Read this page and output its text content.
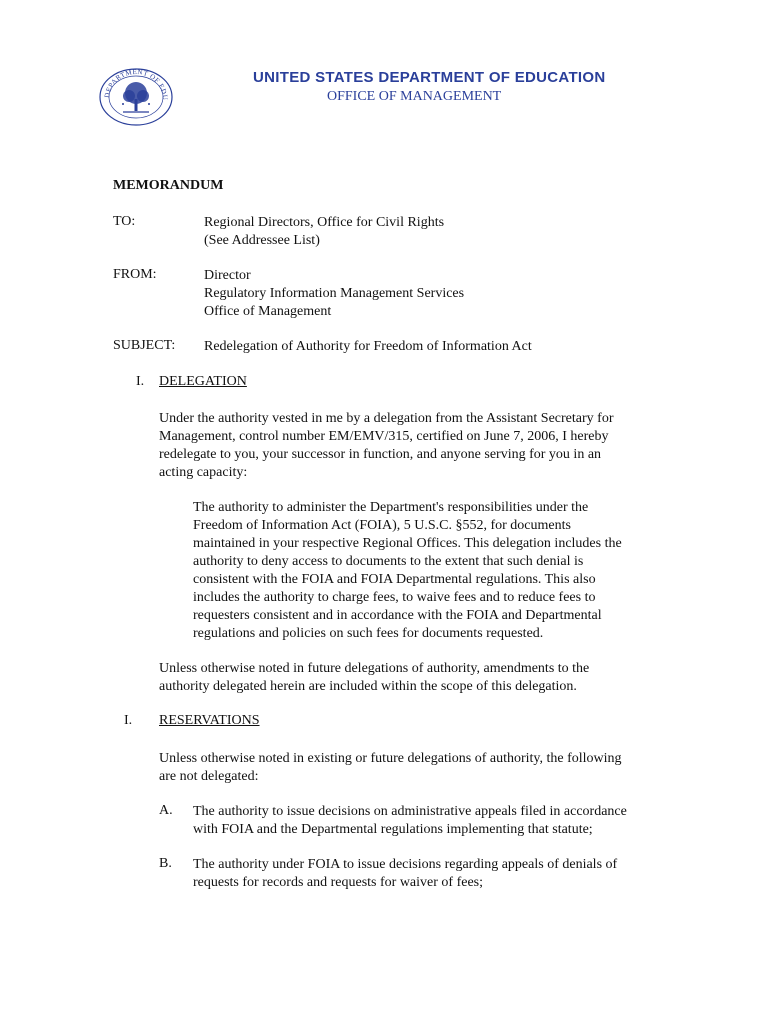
DEPARTMENT OF EDU
UNITED STATES DEPARTMENT OF EDUCATION
OFFICE OF MANAGEMENT
MEMORANDUM
TO:	Regional Directors, Office for Civil Rights
(See Addressee List)
FROM:	Director
Regulatory Information Management Services
Office of Management
SUBJECT: Redelegation of Authority for Freedom of Information Act
I. DELEGATION
Under the authority vested in me by a delegation from the Assistant Secretary for
Management, control number EM/EMV/315, certified on June 7, 2006, I hereby
redelegate to you, your successor in function, and anyone serving for you in an
acting capacity:
The authority to administer the Department's responsibilities under the
Freedom of Information Act (FOIA), 5 U.S.C. §552, for documents
maintained in your respective Regional Offices. This delegation includes the
authority to deny access to documents to the extent that such denial is
consistent with the FOIA and FOIA Departmental regulations. This also
includes the authority to charge fees, to waive fees and to reduce fees to
requesters consistent and in accordance with the FOIA and Departmental
regulations and policies on such fees for documents requested.
Unless otherwise noted in future delegations of authority, amendments to the
authority delegated herein are included within the scope of this delegation.
I. RESERVATIONS
Unless otherwise noted in existing or future delegations of authority, the following
are not delegated:
A. The authority to issue decisions on administrative appeals filed in accordance
with FOIA and the Departmental regulations implementing that statute;
B. The authority under FOIA to issue decisions regarding appeals of denials of
requests for records and requests for waiver of fees;
